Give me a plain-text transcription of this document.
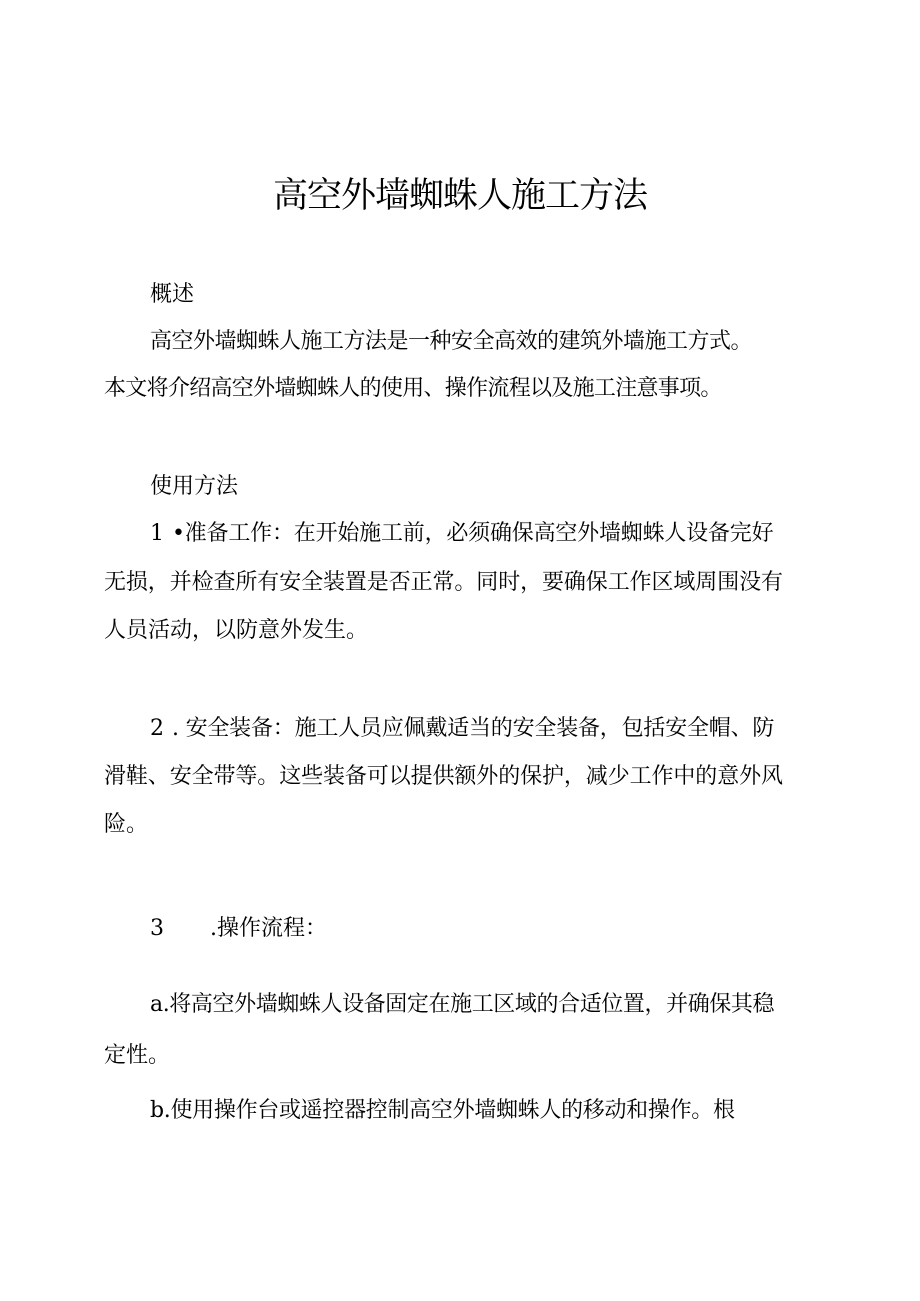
高空外墙蜘蛛人施工方法

概述

高空外墙蜘蛛人施工方法是一种安全高效的建筑外墙施工方式。

本文将介绍高空外墙蜘蛛人的使用、操作流程以及施工注意事项。

使用方法

1 •准备工作：在开始施工前，必须确保高空外墙蜘蛛人设备完好

无损，并检查所有安全装置是否正常。同时，要确保工作区域周围没有

人员活动，以防意外发生。

2 . 安全装备：施工人员应佩戴适当的安全装备，包括安全帽、防

滑鞋、安全带等。这些装备可以提供额外的保护，减少工作中的意外风

险。

3 .操作流程：

a.将高空外墙蜘蛛人设备固定在施工区域的合适位置，并确保其稳

定性。

b.使用操作台或遥控器控制高空外墙蜘蛛人的移动和操作。根
